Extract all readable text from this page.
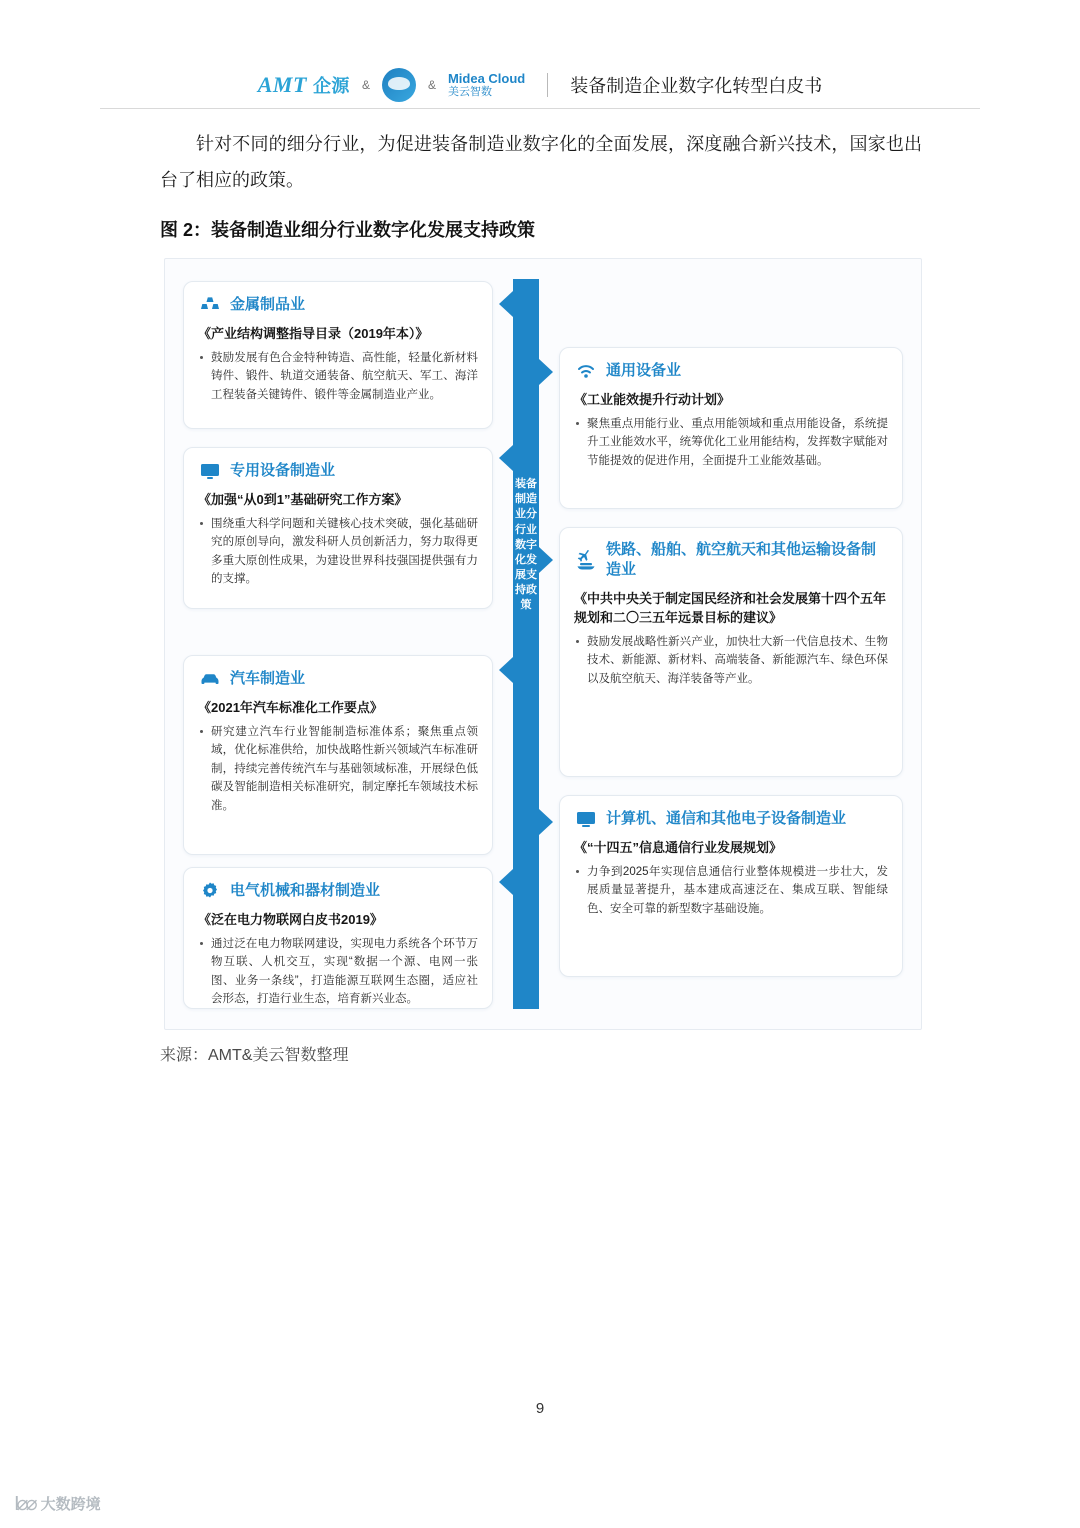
AMT 企源 &	& Midea Cloud
美云智数	装备制造企业数字化转型白皮书
针对不同的细分行业，为促进装备制造业数字化的全面发展，深度融合新兴技术，国家也出台了相应的政策。
图 2：装备制造业细分行业数字化发展支持政策
装备制造业分行业数字化发展支持政策
金属制品业
《产业结构调整指导目录（2019年本）》
鼓励发展有色合金特种铸造、高性能，轻量化新材料铸件、锻件、轨道交通装备、航空航天、军工、海洋工程装备关键铸件、锻件等金属制造业产业。
专用设备制造业
《加强“从0到1”基础研究工作方案》
围绕重大科学问题和关键核心技术突破，强化基础研究的原创导向，激发科研人员创新活力，努力取得更多重大原创性成果，为建设世界科技强国提供强有力的支撑。
汽车制造业
《2021年汽车标准化工作要点》
研究建立汽车行业智能制造标准体系；聚焦重点领域，优化标准供给，加快战略性新兴领域汽车标准研制，持续完善传统汽车与基础领域标准，开展绿色低碳及智能制造相关标准研究，制定摩托车领域技术标准。
电气机械和器材制造业
《泛在电力物联网白皮书2019》
通过泛在电力物联网建设，实现电力系统各个环节万物互联、人机交互，实现“数据一个源、电网一张图、业务一条线”，打造能源互联网生态圈，适应社会形态，打造行业生态，培育新兴业态。
通用设备业
《工业能效提升行动计划》
聚焦重点用能行业、重点用能领域和重点用能设备，系统提升工业能效水平，统筹优化工业用能结构，发挥数字赋能对节能提效的促进作用，全面提升工业能效基础。
铁路、船舶、航空航天和其他运输设备制造业
《中共中央关于制定国民经济和社会发展第十四个五年规划和二〇三五年远景目标的建议》
鼓励发展战略性新兴产业，加快壮大新一代信息技术、生物技术、新能源、新材料、高端装备、新能源汽车、绿色环保以及航空航天、海洋装备等产业。
计算机、通信和其他电子设备制造业
《“十四五”信息通信行业发展规划》
力争到2025年实现信息通信行业整体规模进一步壮大，发展质量显著提升，基本建成高速泛在、集成互联、智能绿色、安全可靠的新型数字基础设施。
来源：AMT&美云智数整理
9
I⌀⌀ 大数跨境
